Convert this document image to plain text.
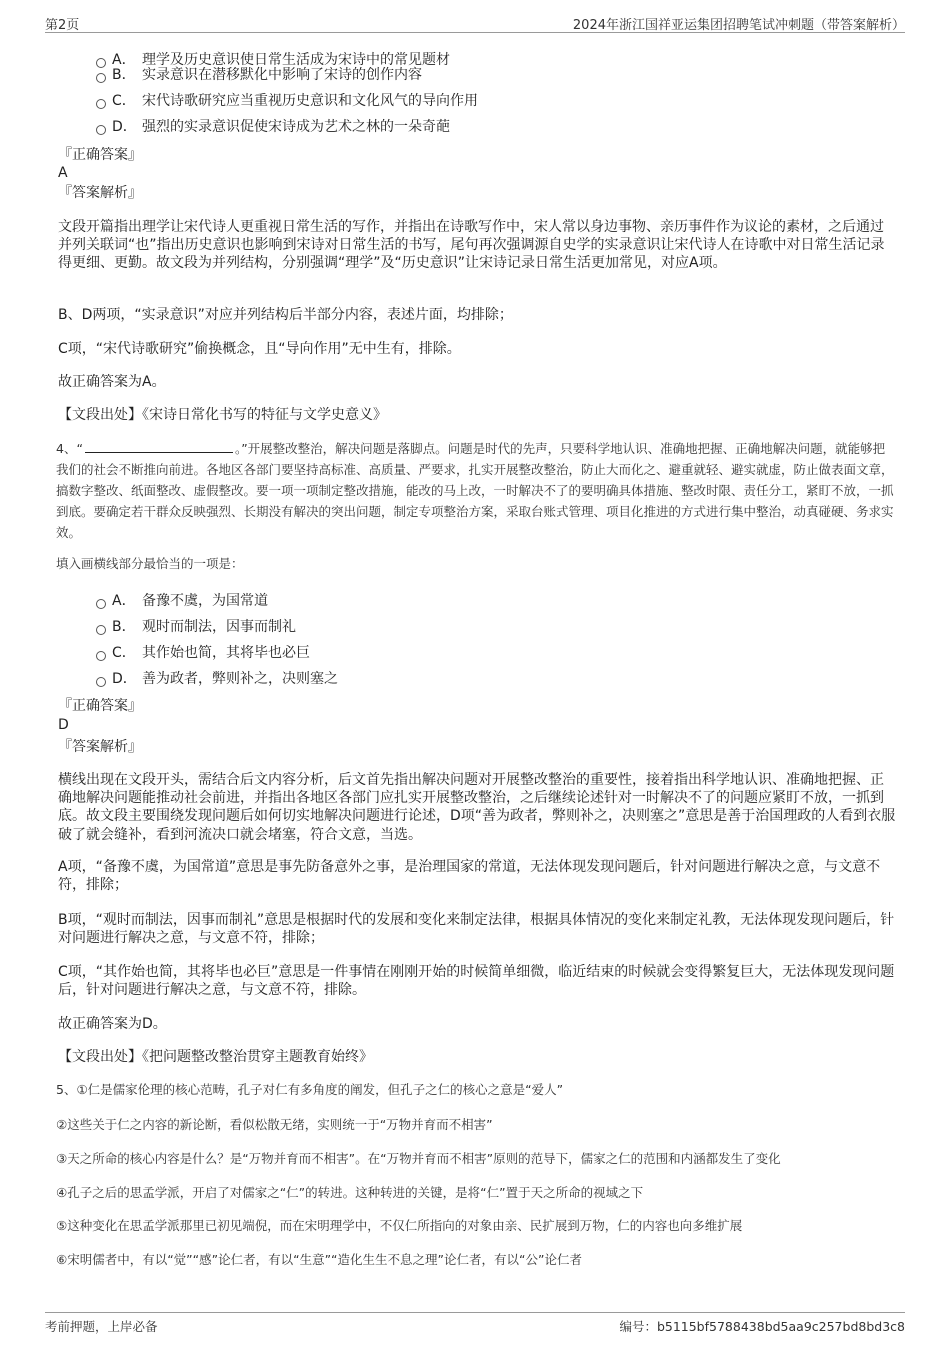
第2页	2024年浙江国祥亚运集团招聘笔试冲刺题（带答案解析）
A． 理学及历史意识使日常生活成为宋诗中的常见题材
B． 实录意识在潜移默化中影响了宋诗的创作内容
C． 宋代诗歌研究应当重视历史意识和文化风气的导向作用
D． 强烈的实录意识促使宋诗成为艺术之林的一朵奇葩
『正确答案』
A
『答案解析』
文段开篇指出理学让宋代诗人更重视日常生活的写作，并指出在诗歌写作中，宋人常以身边事物、亲历事件作为议论的素材，之后通过并列关联词“也”指出历史意识也影响到宋诗对日常生活的书写，尾句再次强调源自史学的实录意识让宋代诗人在诗歌中对日常生活记录得更细、更勤。故文段为并列结构，分别强调“理学”及“历史意识”让宋诗记录日常生活更加常见，对应A项。
B、D两项，“实录意识”对应并列结构后半部分内容，表述片面，均排除；
C项，“宋代诗歌研究”偷换概念，且“导向作用”无中生有，排除。
故正确答案为A。
【文段出处】《宋诗日常化书写的特征与文学史意义》
4、“	。”开展整改整治，解决问题是落脚点。问题是时代的先声，只要科学地认识、准确地把握、正确地解决问题，就能够把我们的社会不断推向前进。各地区各部门要坚持高标准、高质量、严要求，扎实开展整改整治，防止大而化之、避重就轻、避实就虚，防止做表面文章，搞数字整改、纸面整改、虚假整改。要一项一项制定整改措施，能改的马上改，一时解决不了的要明确具体措施、整改时限、责任分工，紧盯不放，一抓到底。要确定若干群众反映强烈、长期没有解决的突出问题，制定专项整治方案，采取台账式管理、项目化推进的方式进行集中整治，动真碰硬、务求实效。
填入画横线部分最恰当的一项是：
A． 备豫不虞，为国常道
B． 观时而制法，因事而制礼
C． 其作始也简，其将毕也必巨
D． 善为政者，弊则补之，决则塞之
『正确答案』
D
『答案解析』
横线出现在文段开头，需结合后文内容分析，后文首先指出解决问题对开展整改整治的重要性，接着指出科学地认识、准确地把握、正确地解决问题能推动社会前进，并指出各地区各部门应扎实开展整改整治，之后继续论述针对一时解决不了的问题应紧盯不放，一抓到底。故文段主要围绕发现问题后如何切实地解决问题进行论述，D项“善为政者，弊则补之，决则塞之”意思是善于治国理政的人看到衣服破了就会缝补，看到河流决口就会堵塞，符合文意，当选。
A项，“备豫不虞，为国常道”意思是事先防备意外之事，是治理国家的常道，无法体现发现问题后，针对问题进行解决之意，与文意不符，排除；
B项，“观时而制法，因事而制礼”意思是根据时代的发展和变化来制定法律，根据具体情况的变化来制定礼教，无法体现发现问题后，针对问题进行解决之意，与文意不符，排除；
C项，“其作始也简，其将毕也必巨”意思是一件事情在刚刚开始的时候简单细微，临近结束的时候就会变得繁复巨大，无法体现发现问题后，针对问题进行解决之意，与文意不符，排除。
故正确答案为D。
【文段出处】《把问题整改整治贯穿主题教育始终》
5、①仁是儒家伦理的核心范畴，孔子对仁有多角度的阐发，但孔子之仁的核心之意是“爱人”
②这些关于仁之内容的新论断，看似松散无绪，实则统一于“万物并育而不相害”
③天之所命的核心内容是什么？是“万物并育而不相害”。在“万物并育而不相害”原则的范导下，儒家之仁的范围和内涵都发生了变化
④孔子之后的思孟学派，开启了对儒家之“仁”的转进。这种转进的关键，是将“仁”置于天之所命的视域之下
⑤这种变化在思孟学派那里已初见端倪，而在宋明理学中，不仅仁所指向的对象由亲、民扩展到万物，仁的内容也向多维扩展
⑥宋明儒者中，有以“觉”“感”论仁者，有以“生意”“造化生生不息之理”论仁者，有以“公”论仁者
考前押题，上岸必备	编号：b5115bf5788438bd5aa9c257bd8bd3c8
